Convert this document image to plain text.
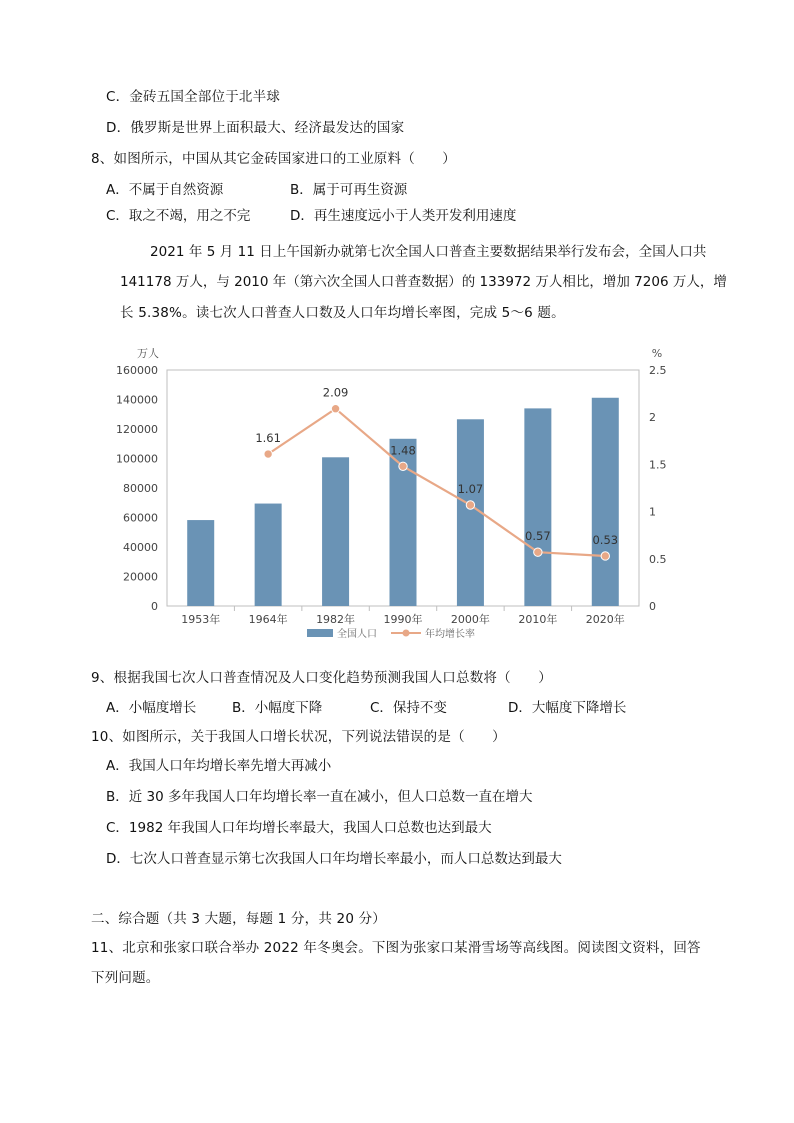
C．金砖五国全部位于北半球
D．俄罗斯是世界上面积最大、经济最发达的国家
8、如图所示，中国从其它金砖国家进口的工业原料（　　）
A．不属于自然资源	B．属于可再生资源
C．取之不竭，用之不完	D．再生速度远小于人类开发利用速度
2021 年 5 月 11 日上午国新办就第七次全国人口普查主要数据结果举行发布会，全国人口共
141178 万人，与 2010 年（第六次全国人口普查数据）的 133972 万人相比，增加 7206 万人，增
长 5.38%。读七次人口普查人口数及人口年均增长率图，完成 5～6 题。
万人	%
0
20000
40000
60000
80000
100000
120000
140000
160000
0
0.5
1
1.5
2
2.5
1953年	1964年	1982年	1990年	2000年	2010年	2020年
1.61
2.09
1.48
1.07
0.57	0.53
全国人口	年均增长率
9、根据我国七次人口普查情况及人口变化趋势预测我国人口总数将（　　）
A．小幅度增长	B．小幅度下降	C．保持不变	D．大幅度下降增长
10、如图所示，关于我国人口增长状况，下列说法错误的是（　　）
A．我国人口年均增长率先增大再减小
B．近 30 多年我国人口年均增长率一直在减小，但人口总数一直在增大
C．1982 年我国人口年均增长率最大，我国人口总数也达到最大
D．七次人口普查显示第七次我国人口年均增长率最小，而人口总数达到最大
二、综合题（共 3 大题，每题 1 分，共 20 分）
11、北京和张家口联合举办 2022 年冬奥会。下图为张家口某滑雪场等高线图。阅读图文资料，回答
下列问题。
